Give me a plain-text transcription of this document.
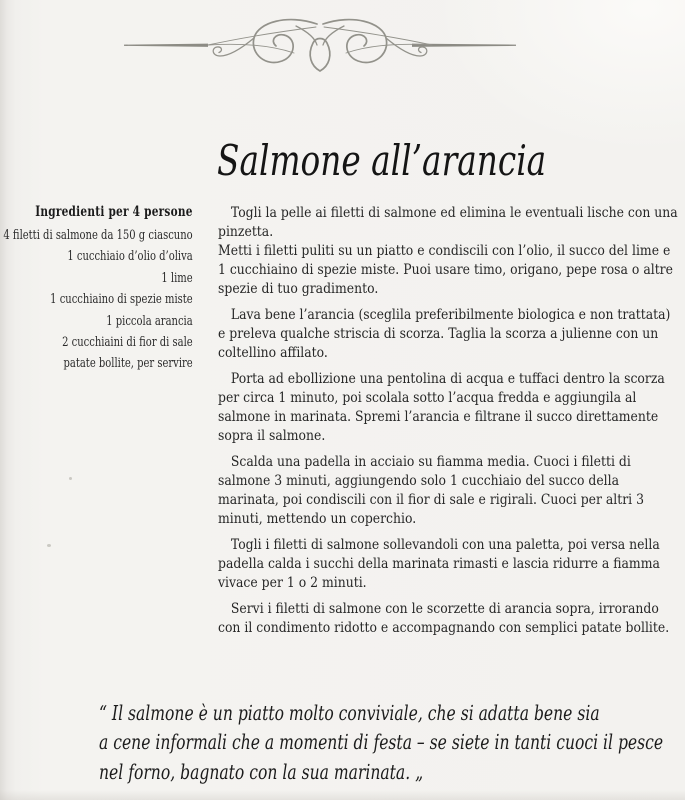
Salmone all’arancia
Ingredienti per 4 persone
4 filetti di salmone da 150 g ciascuno
1 cucchiaio d’olio d’oliva
1 lime
1 cucchiaino di spezie miste
1 piccola arancia
2 cucchiaini di fior di sale
patate bollite, per servire

Togli la pelle ai filetti di salmone ed elimina le eventuali lische con una pinzetta.

Metti i filetti puliti su un piatto e condiscili con l’olio, il succo del lime e 1 cucchiaino di spezie miste. Puoi usare timo, origano, pepe rosa o altre spezie di tuo gradimento.

Lava bene l’arancia (sceglila preferibilmente biologica e non trattata) e preleva qualche striscia di scorza. Taglia la scorza a julienne con un coltellino affilato.

Porta ad ebollizione una pentolina di acqua e tuffaci dentro la scorza per circa 1 minuto, poi scolala sotto l’acqua fredda e aggiungila al salmone in marinata. Spremi l’arancia e filtrane il succo direttamente sopra il salmone.

Scalda una padella in acciaio su fiamma media. Cuoci i filetti di salmone 3 minuti, aggiungendo solo 1 cucchiaio del succo della marinata, poi condiscili con il fior di sale e rigirali. Cuoci per altri 3 minuti, mettendo un coperchio.

Togli i filetti di salmone sollevandoli con una paletta, poi versa nella padella calda i succhi della marinata rimasti e lascia ridurre a fiamma vivace per 1 o 2 minuti.

Servi i filetti di salmone con le scorzette di arancia sopra, irrorando con il condimento ridotto e accompagnando con semplici patate bollite.

“ Il salmone è un piatto molto conviviale, che si adatta bene sia
a cene informali che a momenti di festa – se siete in tanti cuoci il pesce
nel forno, bagnato con la sua marinata. „
